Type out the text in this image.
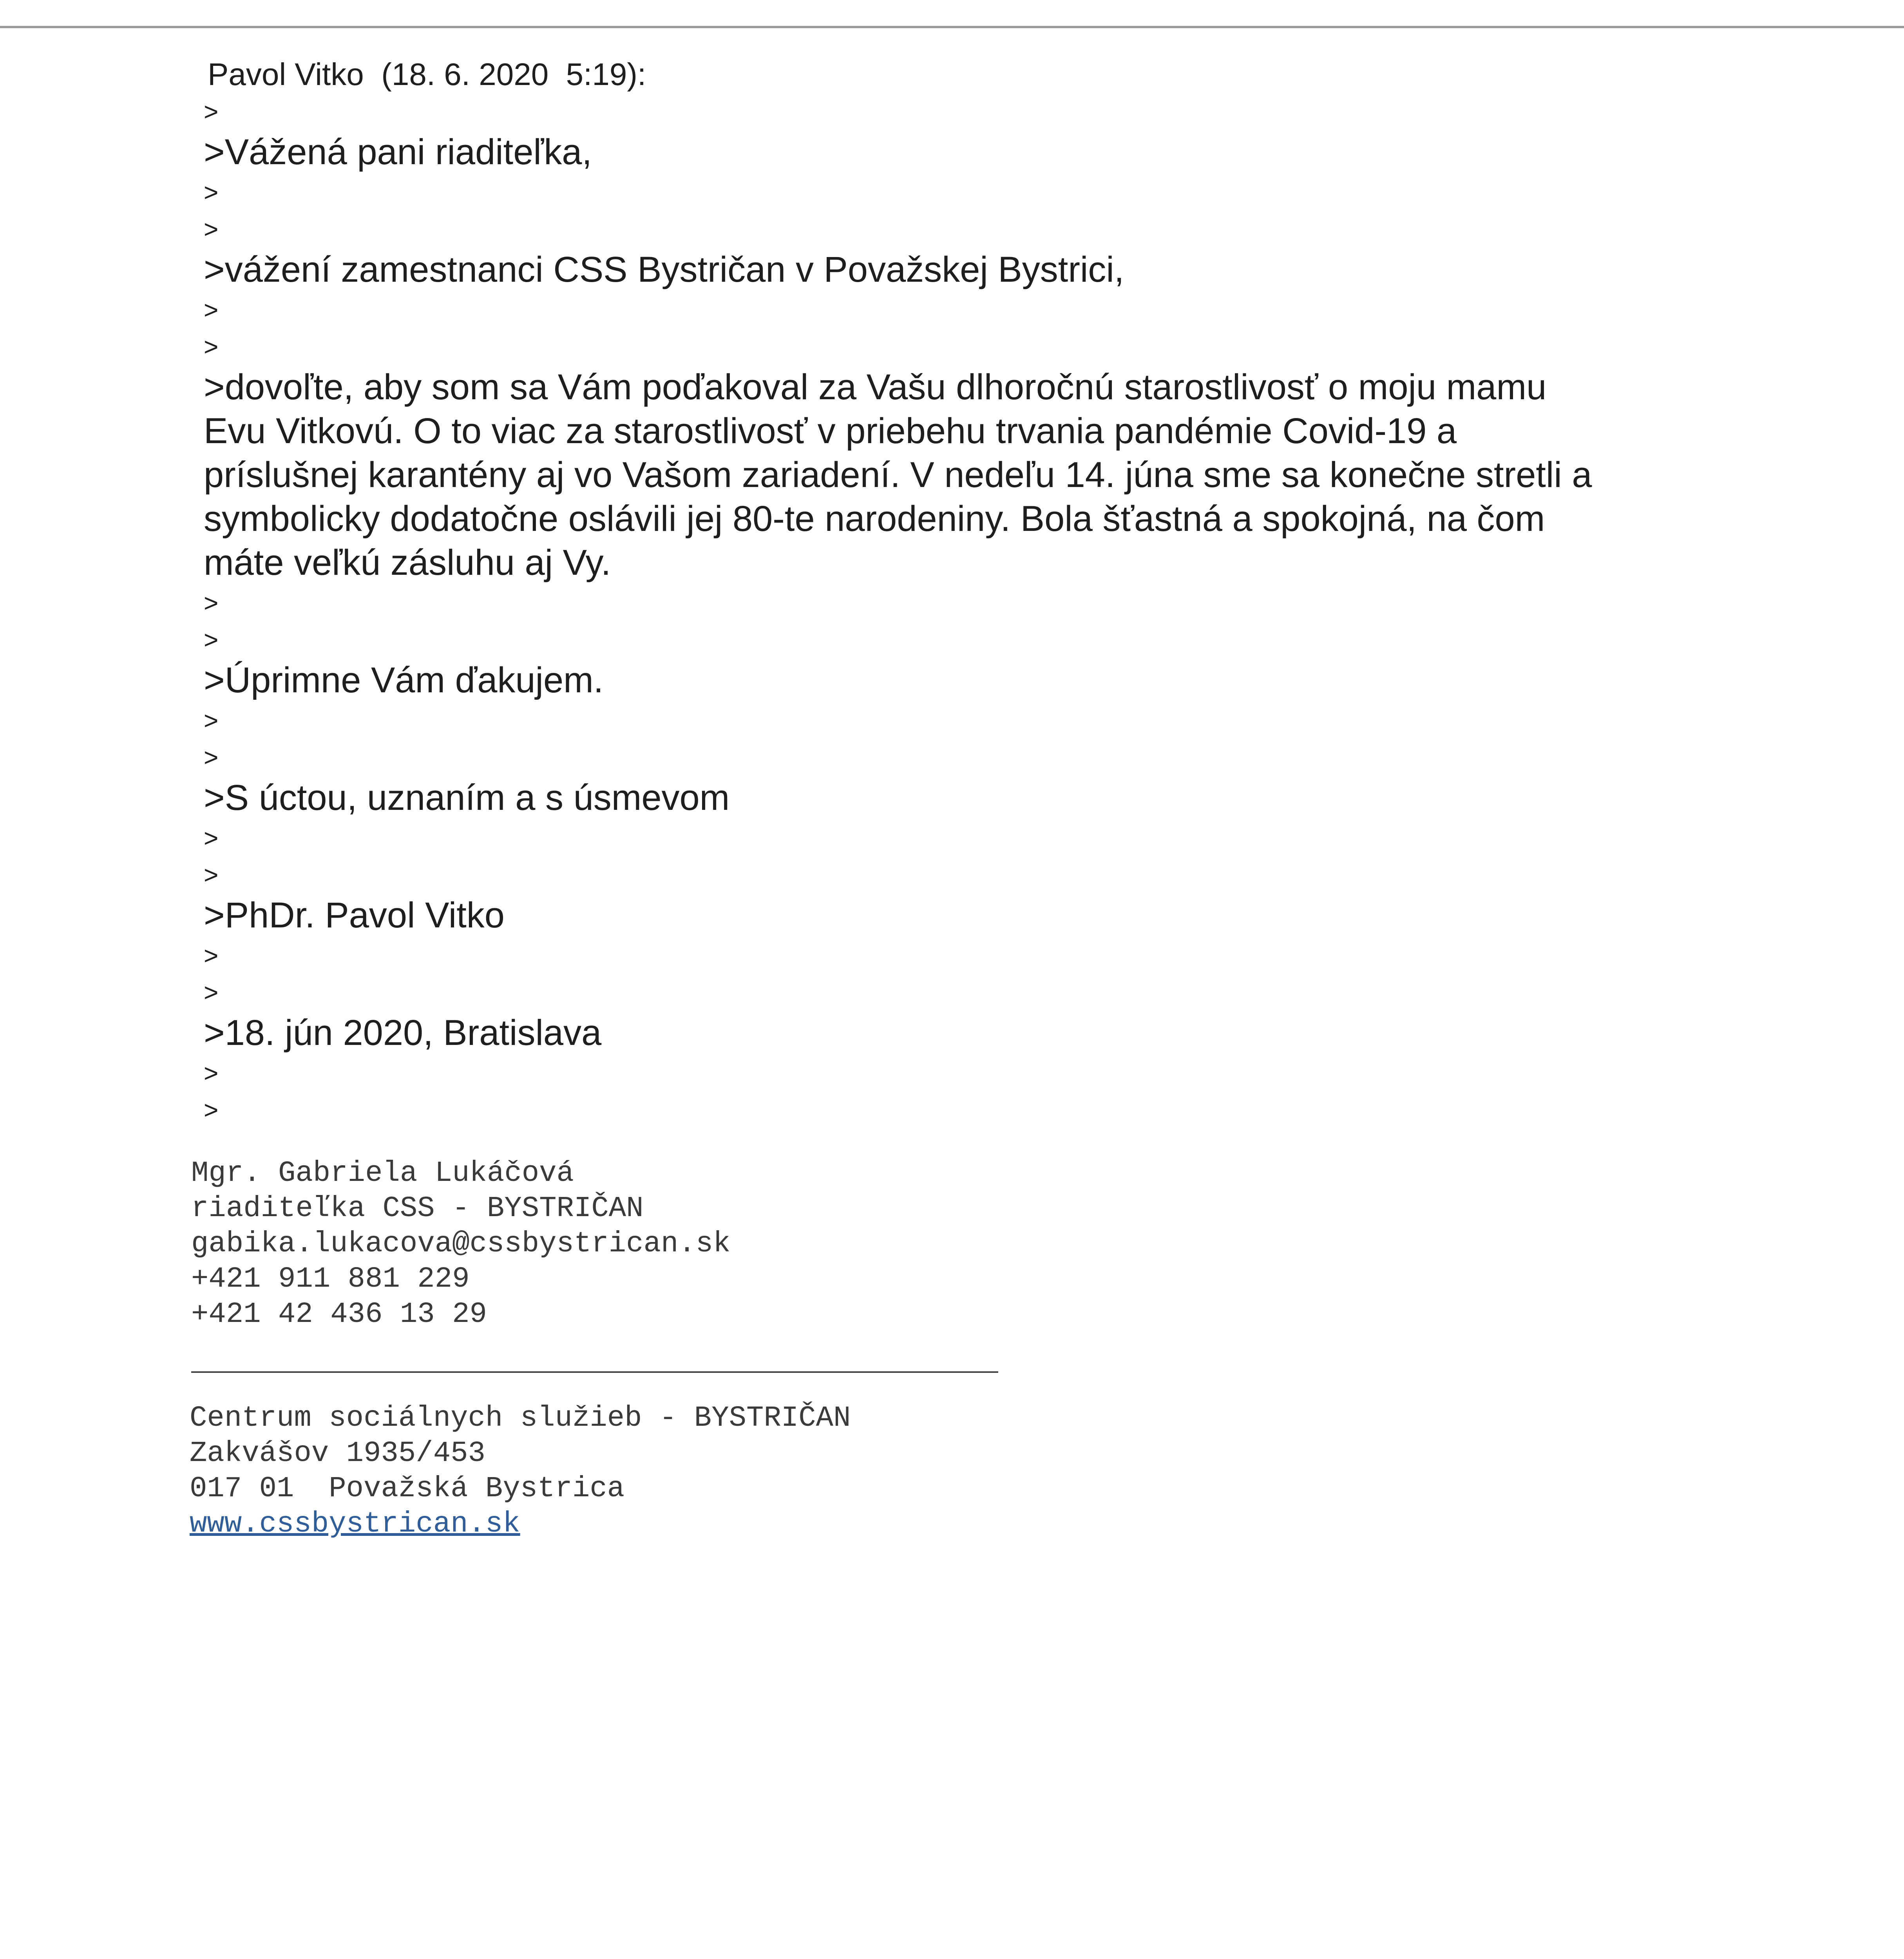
Pavol Vitko (18. 6. 2020  5:19):
>
>Vážená pani riaditeľka,
>
>
>vážení zamestnanci CSS Bystričan v Považskej Bystrici,
>
>
>dovoľte, aby som sa Vám poďakoval za Vašu dlhoročnú starostlivosť o moju mamu
Evu Vitkovú. O to viac za starostlivosť v priebehu trvania pandémie Covid-19 a
príslušnej karantény aj vo Vašom zariadení. V nedeľu 14. júna sme sa konečne stretli a
symbolicky dodatočne oslávili jej 80-te narodeniny. Bola šťastná a spokojná, na čom
máte veľkú zásluhu aj Vy.
>
>
>Úprimne Vám ďakujem.
>
>
>S úctou, uznaním a s úsmevom
>
>
>PhDr. Pavol Vitko
>
>
>18. jún 2020, Bratislava
>
>
Mgr. Gabriela Lukáčová
riaditeľka CSS - BYSTRIČAN
gabika.lukacova@cssbystrican.sk
+421 911 881 229
+421 42 436 13 29
Centrum sociálnych služieb - BYSTRIČAN
Zakvášov 1935/453
017 01  Považská Bystrica
www.cssbystrican.sk
